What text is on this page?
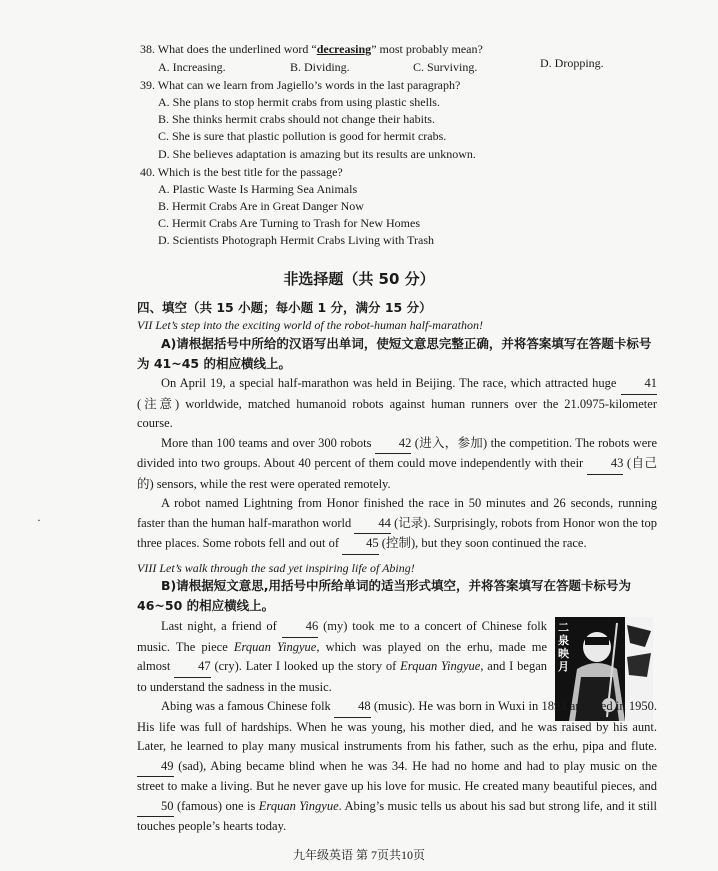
38. What does the underlined word “decreasing” most probably mean?
A. Increasing.	B. Dividing.	C. Surviving.	D. Dropping.
39. What can we learn from Jagiello’s words in the last paragraph?
A. She plans to stop hermit crabs from using plastic shells.
B. She thinks hermit crabs should not change their habits.
C. She is sure that plastic pollution is good for hermit crabs.
D. She believes adaptation is amazing but its results are unknown.
40. Which is the best title for the passage?
A. Plastic Waste Is Harming Sea Animals
B. Hermit Crabs Are in Great Danger Now
C. Hermit Crabs Are Turning to Trash for New Homes
D. Scientists Photograph Hermit Crabs Living with Trash
非选择题（共 50 分）
四、填空（共 15 小题；每小题 1 分，满分 15 分）
VII Let’s step into the exciting world of the robot-human half-marathon!
A)请根据括号中所给的汉语写出单词，使短文意思完整正确，并将答案填写在答题卡标号为 41~45 的相应横线上。

On April 19, a special half-marathon was held in Beijing. The race, which attracted huge 41 (注意) worldwide, matched humanoid robots against human runners over the 21.0975-kilometer course.

More than 100 teams and over 300 robots 42 (进入，参加) the competition. The robots were divided into two groups. About 40 percent of them could move independently with their 43 (自己的) sensors, while the rest were operated remotely.

A robot named Lightning from Honor finished the race in 50 minutes and 26 seconds, running faster than the human half-marathon world 44 (记录). Surprisingly, robots from Honor won the top three places. Some robots fell and out of 45 (控制), but they soon continued the race.

·
VIII Let’s walk through the sad yet inspiring life of Abing!
B)请根据短文意思,用括号中所给单词的适当形式填空，并将答案填写在答题卡标号为 46~50 的相应横线上。
二泉映月

Last night, a friend of 46 (my) took me to a concert of Chinese folk music. The piece Erquan Yingyue, which was played on the erhu, made me almost 47 (cry). Later I looked up the story of Erquan Yingyue, and I began to understand the sadness in the music.

Abing was a famous Chinese folk 48 (music). He was born in Wuxi in 1893 and died in 1950. His life was full of hardships. When he was young, his mother died, and he was raised by his aunt. Later, he learned to play many musical instruments from his father, such as the erhu, pipa and flute. 49 (sad), Abing became blind when he was 34. He had no home and had to play music on the street to make a living. But he never gave up his love for music. He created many beautiful pieces, and 50 (famous) one is Erquan Yingyue. Abing’s music tells us about his sad but strong life, and it still touches people’s hearts today.

九年级英语 第 7页共10页
